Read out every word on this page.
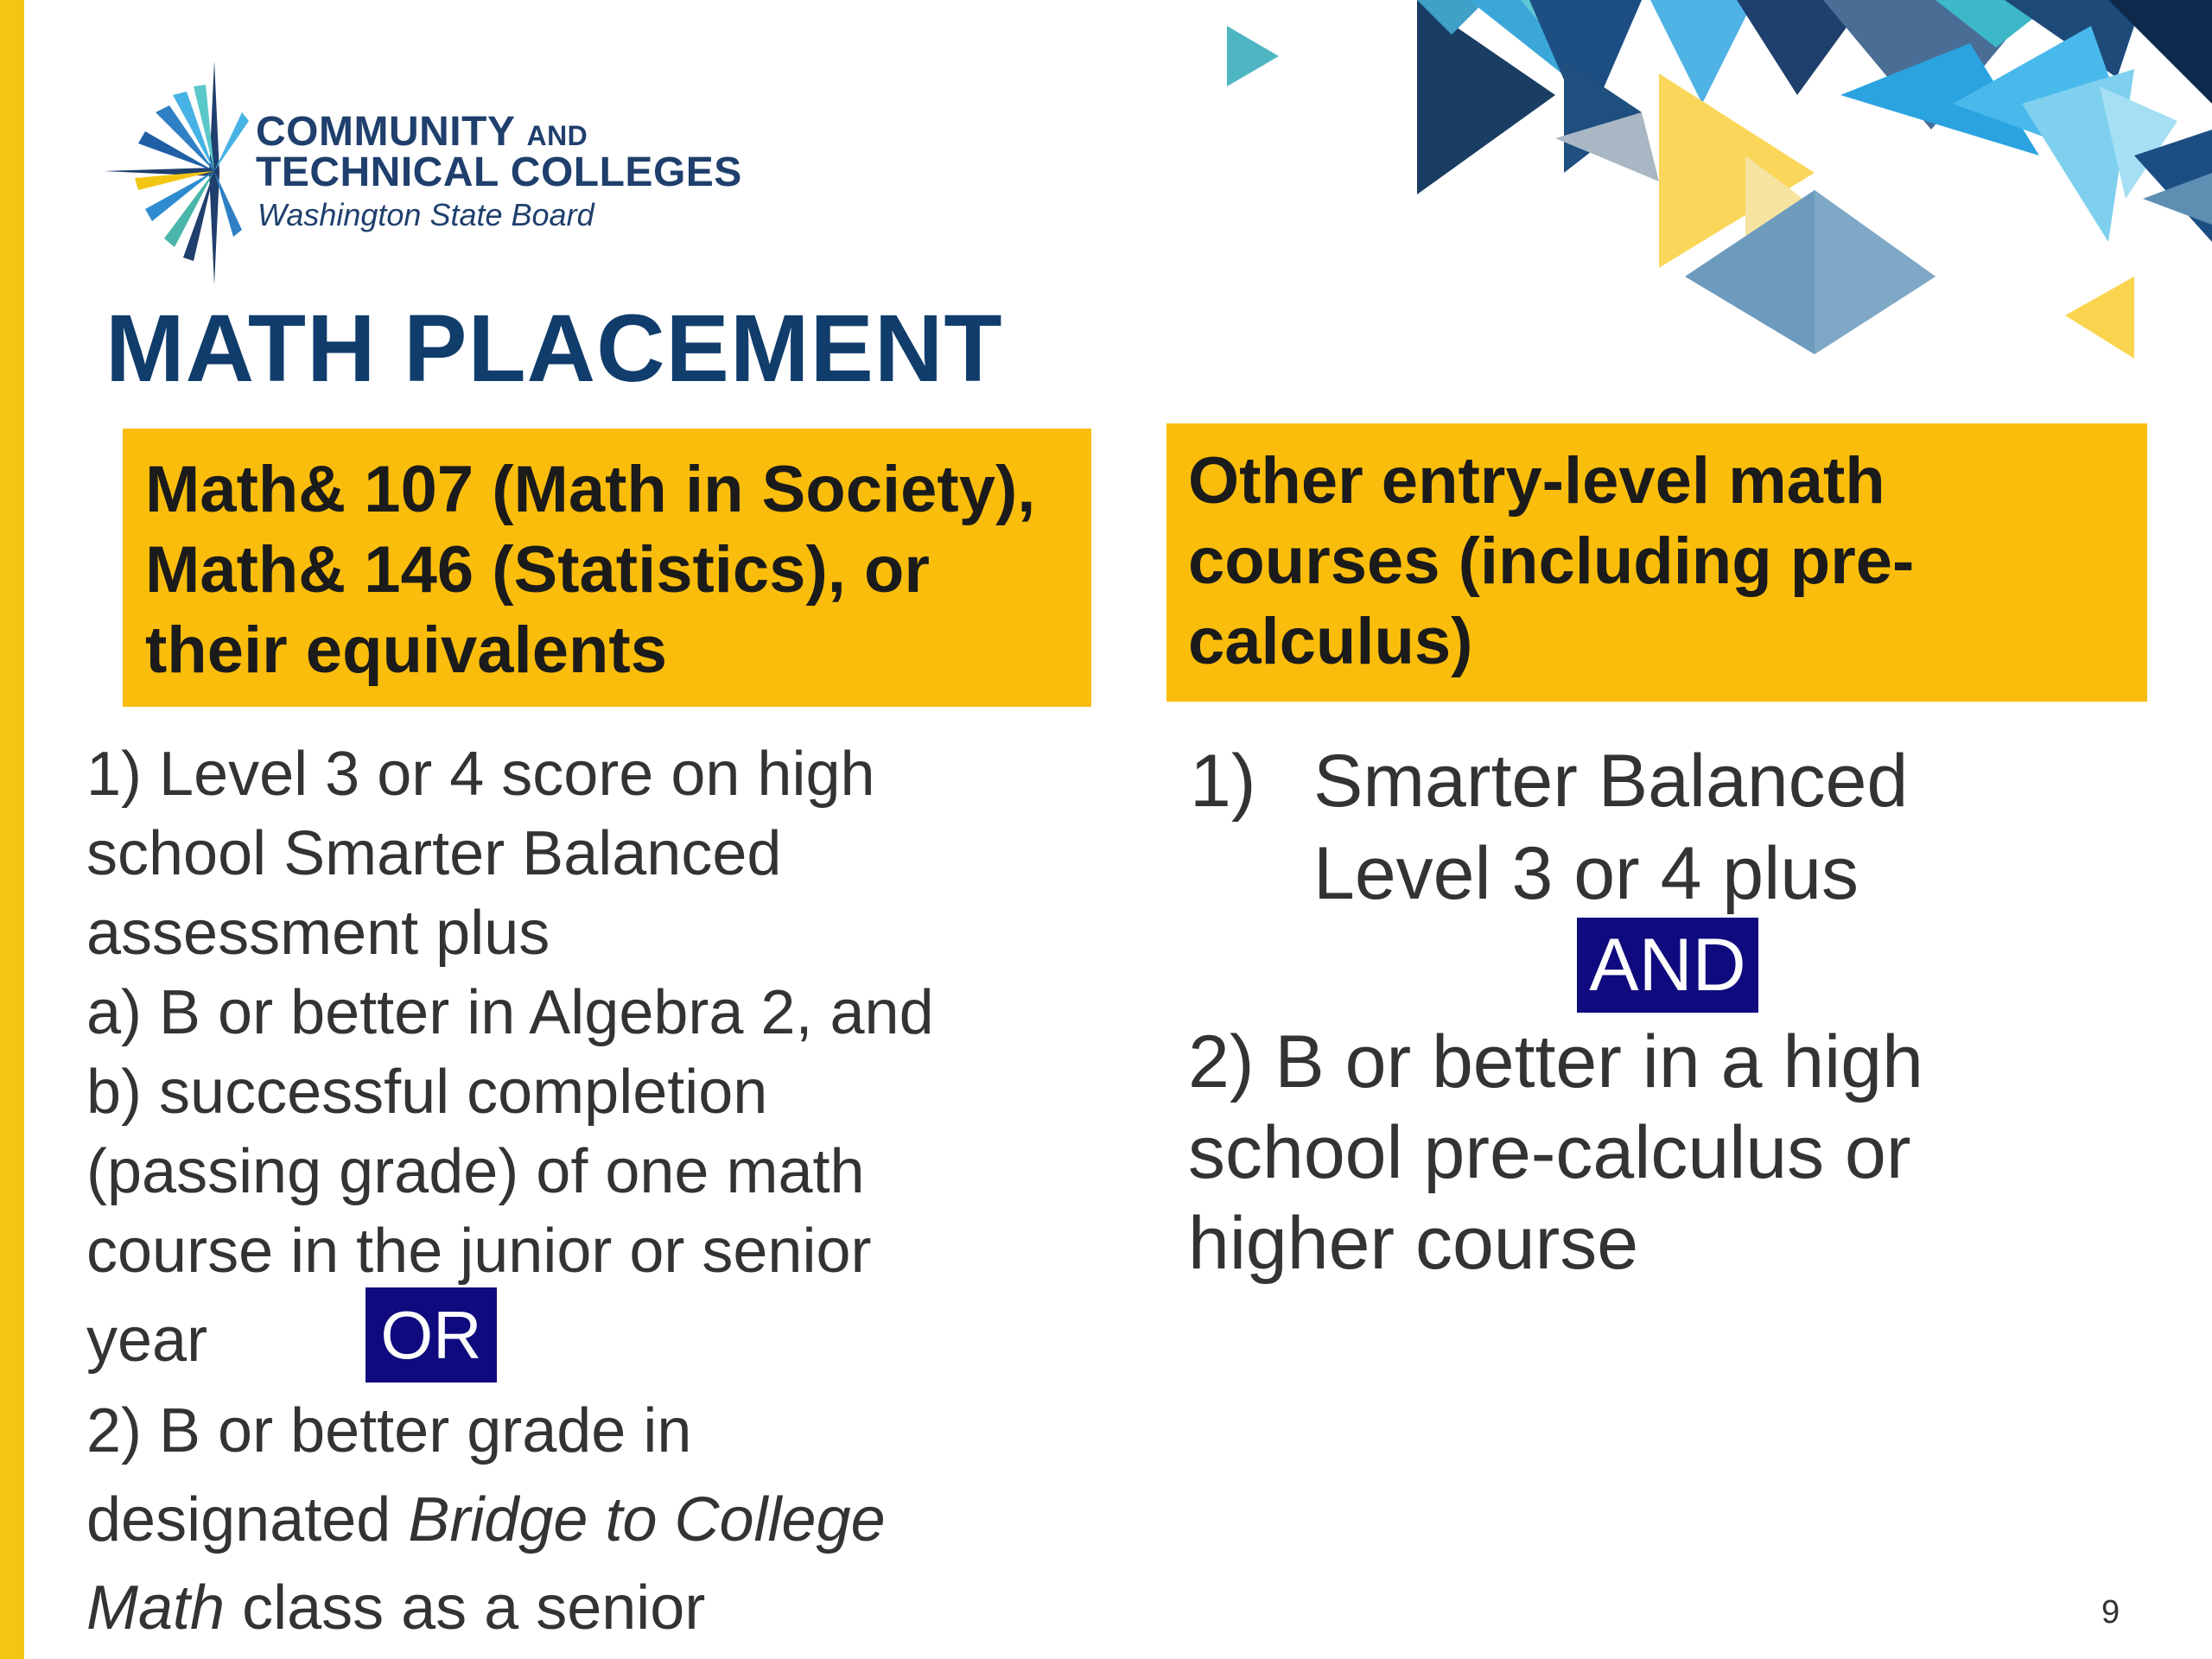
COMMUNITY AND
TECHNICAL COLLEGES
Washington State Board
MATH PLACEMENT
Math& 107 (Math in Society),
Math& 146 (Statistics), or
their equivalents
Other entry-level math
courses (including pre-
calculus)
1) Level 3 or 4 score on high
school Smarter Balanced
assessment plus
a) B or better in Algebra 2, and
b) successful completion
(passing grade) of one math
course in the junior or senior
year
2) B or better grade in
designated Bridge to College
Math class as a senior
OR
1) Smarter Balanced
Level 3 or 4 plus
2) B or better in a high
school pre-calculus or
higher course
AND
9
